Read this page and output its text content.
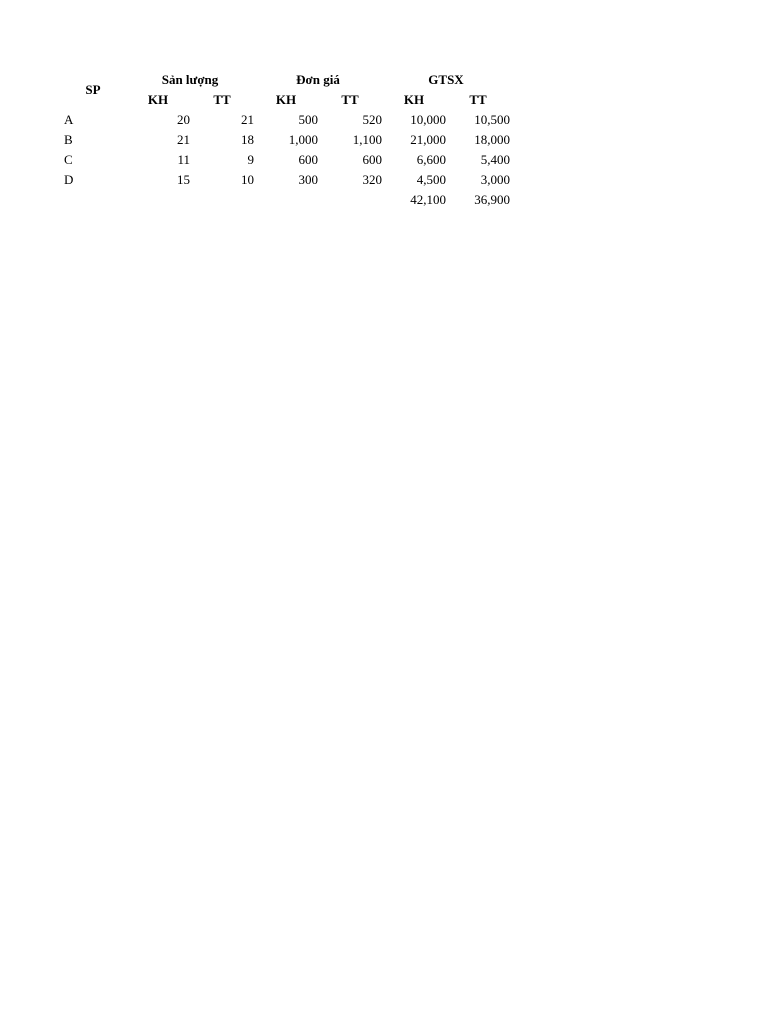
SP	Sản lượng		Đơn giá		GTSX	
	KH	TT	KH	TT	KH	TT
A	20	21	500	520	10,000	10,500
B	21	18	1,000	1,100	21,000	18,000
C	11	9	600	600	6,600	5,400
D	15	10	300	320	4,500	3,000
					42,100	36,900
